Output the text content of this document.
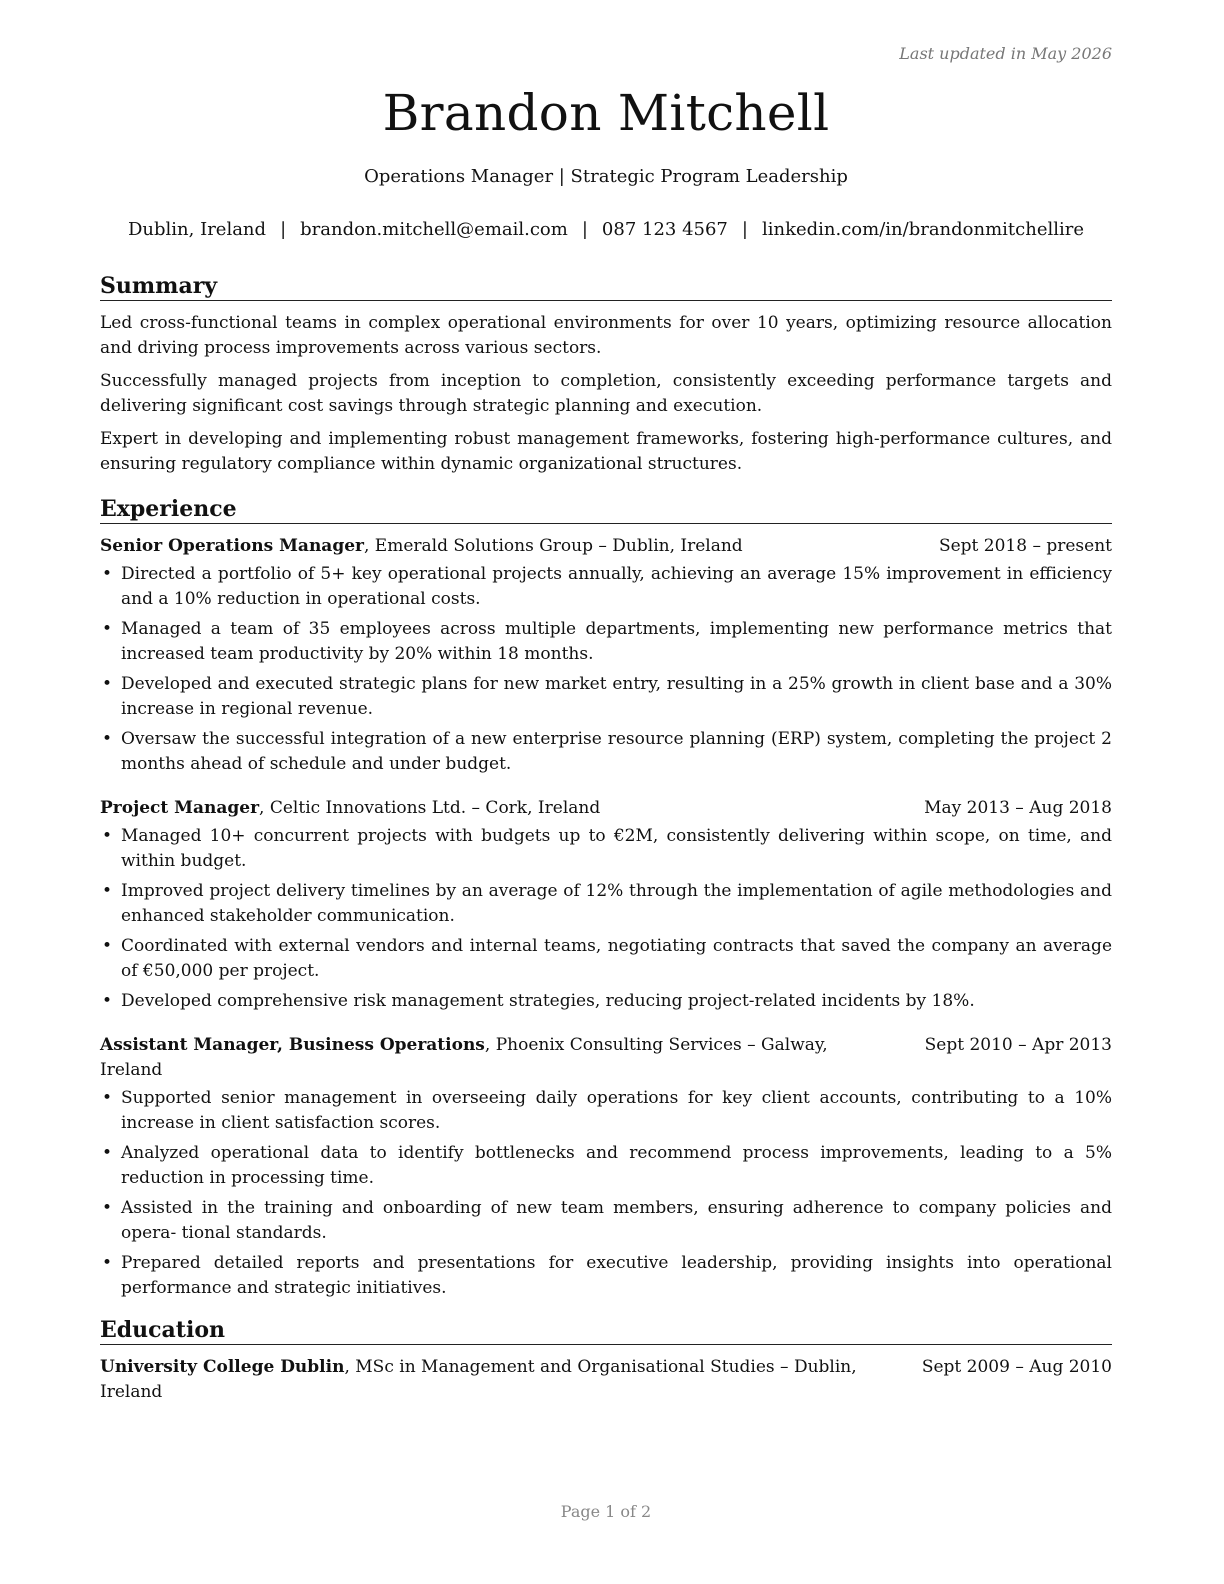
Last updated in May 2026
Brandon Mitchell
Operations Manager | Strategic Program Leadership
Dublin, Ireland | brandon.mitchell@email.com | 087 123 4567 | linkedin.com/in/brandonmitchellire
Summary

Led cross-functional teams in complex operational environments for over 10 years, optimizing resource allocation and driving process improvements across various sectors.

Successfully managed projects from inception to completion, consistently exceeding performance targets and delivering significant cost savings through strategic planning and execution.

Expert in developing and implementing robust management frameworks, fostering high-performance cultures, and ensuring regulatory compliance within dynamic organizational structures.

Experience
Senior Operations Manager, Emerald Solutions Group – Dublin, Ireland	Sept 2018 – present
• Directed a portfolio of 5+ key operational projects annually, achieving an average 15% improvement in efficiency and a 10% reduction in operational costs.
• Managed a team of 35 employees across multiple departments, implementing new performance metrics that increased team productivity by 20% within 18 months.
• Developed and executed strategic plans for new market entry, resulting in a 25% growth in client base and a 30% increase in regional revenue.
• Oversaw the successful integration of a new enterprise resource planning (ERP) system, completing the project 2 months ahead of schedule and under budget.
Project Manager, Celtic Innovations Ltd. – Cork, Ireland	May 2013 – Aug 2018
• Managed 10+ concurrent projects with budgets up to €2M, consistently delivering within scope, on time, and within budget.
• Improved project delivery timelines by an average of 12% through the implementation of agile methodologies and enhanced stakeholder communication.
• Coordinated with external vendors and internal teams, negotiating contracts that saved the company an average of €50,000 per project.
• Developed comprehensive risk management strategies, reducing project-related incidents by 18%.
Assistant Manager, Business Operations, Phoenix Consulting Services – Galway, Ireland
Sept 2010 – Apr 2013
• Supported senior management in overseeing daily operations for key client accounts, contributing to a 10% increase in client satisfaction scores.
• Analyzed operational data to identify bottlenecks and recommend process improvements, leading to a 5% reduction in processing time.
• Assisted in the training and onboarding of new team members, ensuring adherence to company policies and opera- tional standards.
• Prepared detailed reports and presentations for executive leadership, providing insights into operational performance and strategic initiatives.
Education
University College Dublin, MSc in Management and Organisational Studies – Dublin, Ireland
Sept 2009 – Aug 2010
Page 1 of 2
